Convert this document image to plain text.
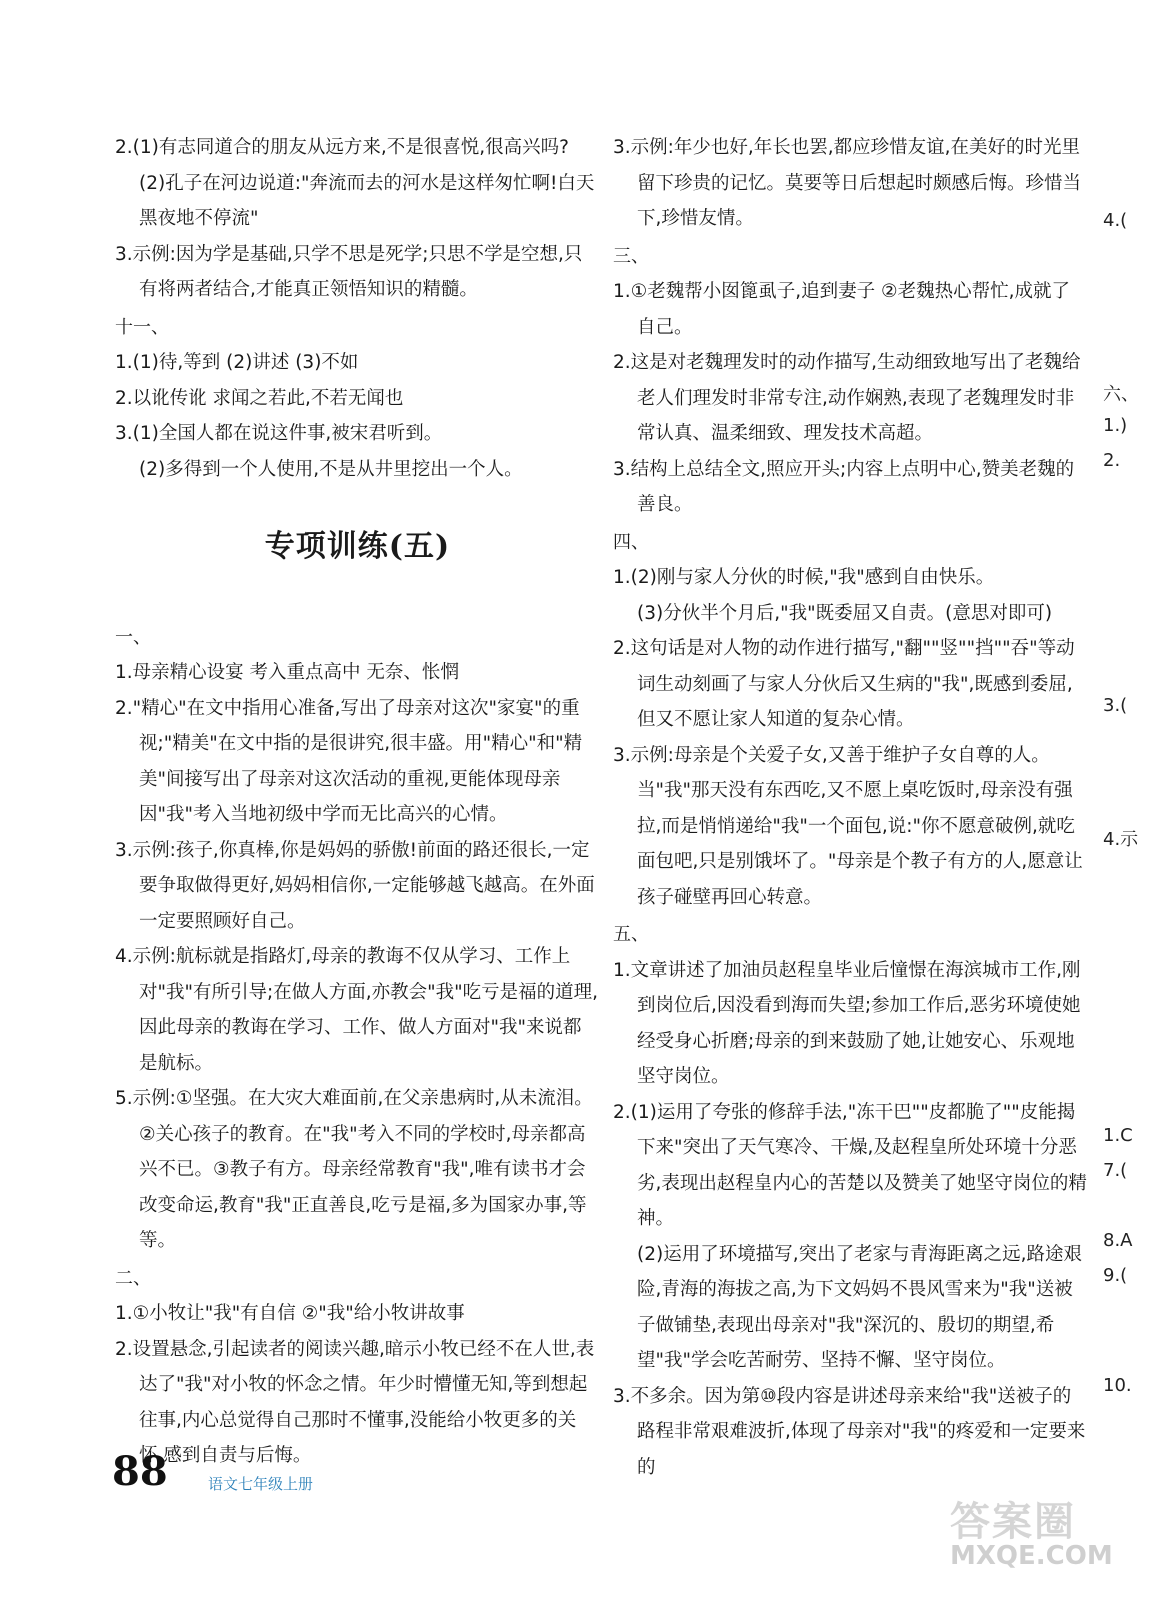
2.(1)有志同道合的朋友从远方来,不是很喜悦,很高兴吗?

(2)孔子在河边说道:"奔流而去的河水是这样匆忙啊!白天黑夜地不停流"

3.示例:因为学是基础,只学不思是死学;只思不学是空想,只有将两者结合,才能真正领悟知识的精髓。

十一、

1.(1)待,等到 (2)讲述 (3)不如

2.以讹传讹 求闻之若此,不若无闻也

3.(1)全国人都在说这件事,被宋君听到。

(2)多得到一个人使用,不是从井里挖出一个人。

专项训练(五)

一、

1.母亲精心设宴 考入重点高中 无奈、怅惘

2."精心"在文中指用心准备,写出了母亲对这次"家宴"的重视;"精美"在文中指的是很讲究,很丰盛。用"精心"和"精美"间接写出了母亲对这次活动的重视,更能体现母亲因"我"考入当地初级中学而无比高兴的心情。

3.示例:孩子,你真棒,你是妈妈的骄傲!前面的路还很长,一定要争取做得更好,妈妈相信你,一定能够越飞越高。在外面一定要照顾好自己。

4.示例:航标就是指路灯,母亲的教诲不仅从学习、工作上对"我"有所引导;在做人方面,亦教会"我"吃亏是福的道理,因此母亲的教诲在学习、工作、做人方面对"我"来说都是航标。

5.示例:①坚强。在大灾大难面前,在父亲患病时,从未流泪。②关心孩子的教育。在"我"考入不同的学校时,母亲都高兴不已。③教子有方。母亲经常教育"我",唯有读书才会改变命运,教育"我"正直善良,吃亏是福,多为国家办事,等等。

二、

1.①小牧让"我"有自信 ②"我"给小牧讲故事

2.设置悬念,引起读者的阅读兴趣,暗示小牧已经不在人世,表达了"我"对小牧的怀念之情。年少时懵懂无知,等到想起往事,内心总觉得自己那时不懂事,没能给小牧更多的关怀,感到自责与后悔。

3.示例:年少也好,年长也罢,都应珍惜友谊,在美好的时光里留下珍贵的记忆。莫要等日后想起时颇感后悔。珍惜当下,珍惜友情。

三、

1.①老魏帮小囡篦虱子,追到妻子 ②老魏热心帮忙,成就了自己。

2.这是对老魏理发时的动作描写,生动细致地写出了老魏给老人们理发时非常专注,动作娴熟,表现了老魏理发时非常认真、温柔细致、理发技术高超。

3.结构上总结全文,照应开头;内容上点明中心,赞美老魏的善良。

四、

1.(2)刚与家人分伙的时候,"我"感到自由快乐。

(3)分伙半个月后,"我"既委屈又自责。(意思对即可)

2.这句话是对人物的动作进行描写,"翻""竖""挡""吞"等动词生动刻画了与家人分伙后又生病的"我",既感到委屈,但又不愿让家人知道的复杂心情。

3.示例:母亲是个关爱子女,又善于维护子女自尊的人。当"我"那天没有东西吃,又不愿上桌吃饭时,母亲没有强拉,而是悄悄递给"我"一个面包,说:"你不愿意破例,就吃面包吧,只是别饿坏了。"母亲是个教子有方的人,愿意让孩子碰壁再回心转意。

五、

1.文章讲述了加油员赵程皇毕业后憧憬在海滨城市工作,刚到岗位后,因没看到海而失望;参加工作后,恶劣环境使她经受身心折磨;母亲的到来鼓励了她,让她安心、乐观地坚守岗位。

2.(1)运用了夸张的修辞手法,"冻干巴""皮都脆了""皮能揭下来"突出了天气寒冷、干燥,及赵程皇所处环境十分恶劣,表现出赵程皇内心的苦楚以及赞美了她坚守岗位的精神。

(2)运用了环境描写,突出了老家与青海距离之远,路途艰险,青海的海拔之高,为下文妈妈不畏风雪来为"我"送被子做铺垫,表现出母亲对"我"深沉的、殷切的期望,希望"我"学会吃苦耐劳、坚持不懈、坚守岗位。

3.不多余。因为第⑩段内容是讲述母亲来给"我"送被子的路程非常艰难波折,体现了母亲对"我"的疼爱和一定要来的

4.(
六、
1.)
2.
3.(
4.示
1.C
7.(
8.A
9.(
10.
88	语文七年级上册
答案圈
MXQE.COM
